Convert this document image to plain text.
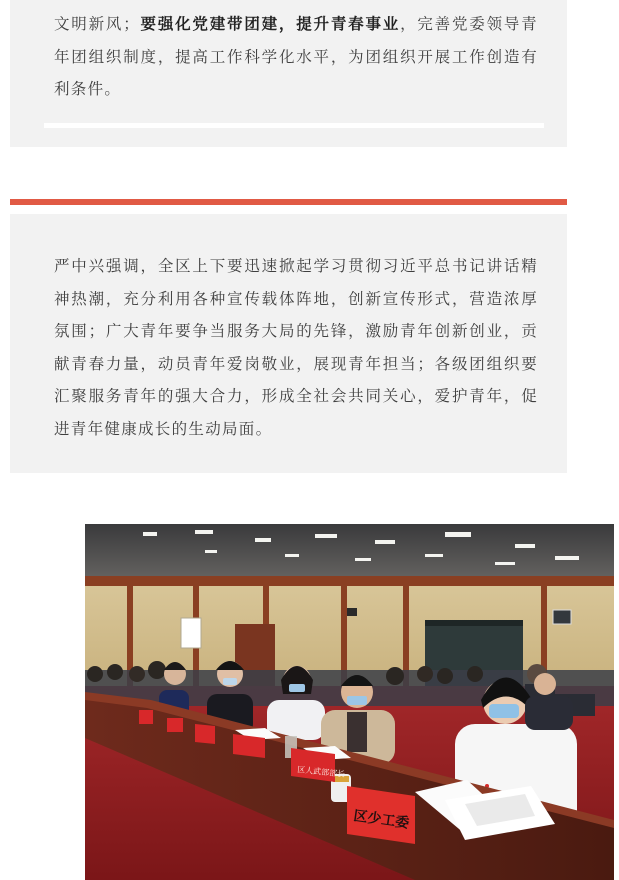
文明新风；要强化党建带团建，提升青春事业，完善党委领导青年团组织制度，提高工作科学化水平，为团组织开展工作创造有利条件。

严中兴强调，全区上下要迅速掀起学习贯彻习近平总书记讲话精神热潮，充分利用各种宣传载体阵地，创新宣传形式，营造浓厚氛围；广大青年要争当服务大局的先锋，激励青年创新创业，贡献青春力量，动员青年爱岗敬业，展现青年担当；各级团组织要汇聚服务青年的强大合力，形成全社会共同关心，爱护青年，促进青年健康成长的生动局面。

区人武部部长
区少工委
